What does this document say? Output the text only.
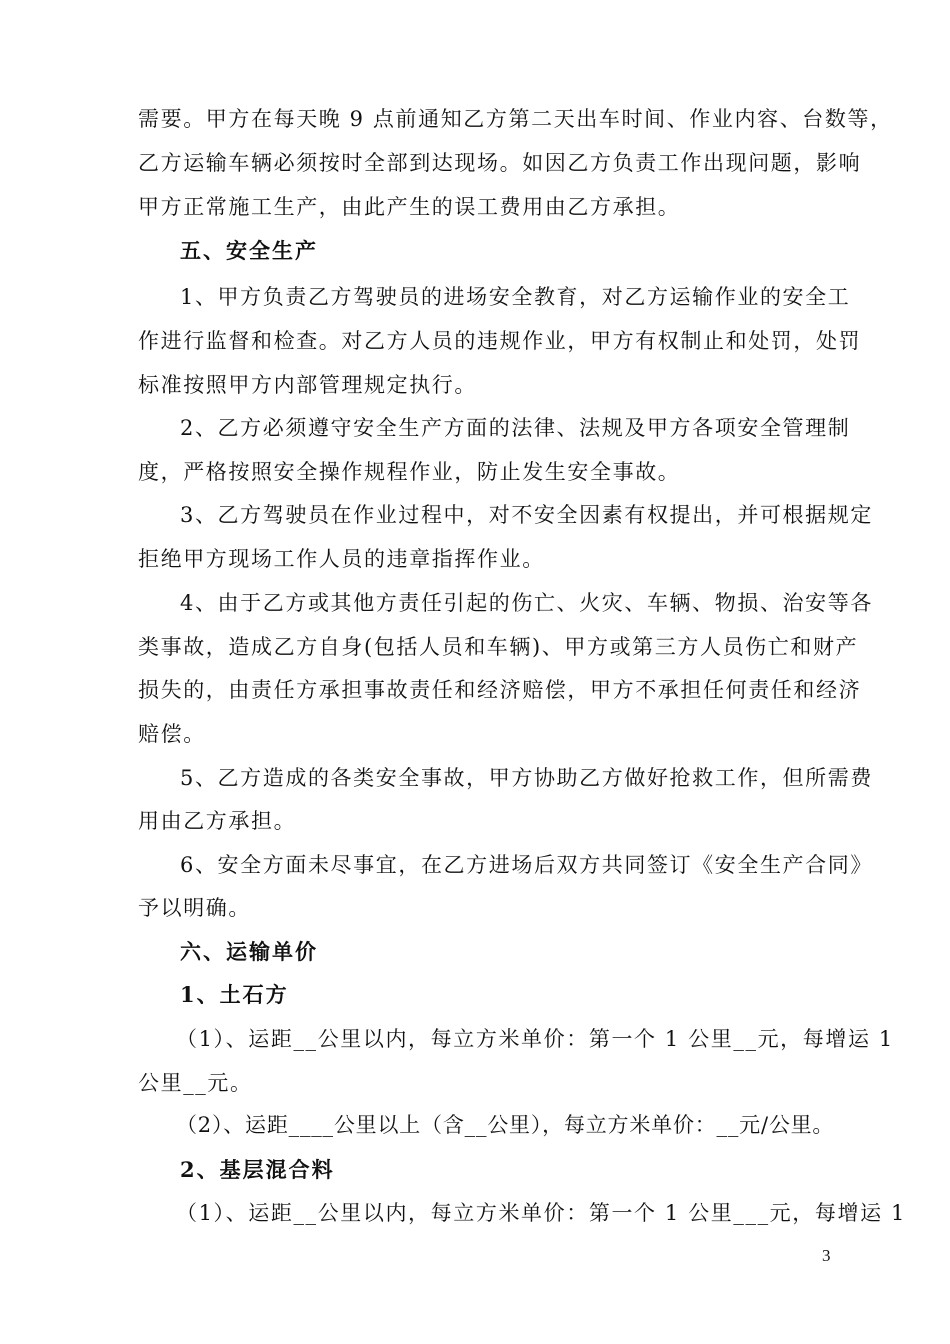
需要。甲方在每天晚 9 点前通知乙方第二天出车时间、作业内容、台数等，
乙方运输车辆必须按时全部到达现场。如因乙方负责工作出现问题，影响
甲方正常施工生产，由此产生的误工费用由乙方承担。
五、安全生产
1、甲方负责乙方驾驶员的进场安全教育，对乙方运输作业的安全工
作进行监督和检查。对乙方人员的违规作业，甲方有权制止和处罚，处罚
标准按照甲方内部管理规定执行。
2、乙方必须遵守安全生产方面的法律、法规及甲方各项安全管理制
度，严格按照安全操作规程作业，防止发生安全事故。
3、乙方驾驶员在作业过程中，对不安全因素有权提出，并可根据规定
拒绝甲方现场工作人员的违章指挥作业。
4、由于乙方或其他方责任引起的伤亡、火灾、车辆、物损、治安等各
类事故，造成乙方自身(包括人员和车辆)、甲方或第三方人员伤亡和财产
损失的，由责任方承担事故责任和经济赔偿，甲方不承担任何责任和经济
赔偿。
5、乙方造成的各类安全事故，甲方协助乙方做好抢救工作，但所需费
用由乙方承担。
6、安全方面未尽事宜，在乙方进场后双方共同签订《安全生产合同》
予以明确。
六、运输单价
1、土石方
（1）、运距__公里以内，每立方米单价：第一个 1 公里__元，每增运 1
公里__元。
（2）、运距____公里以上（含__公里），每立方米单价：__元/公里。
2、基层混合料
（1）、运距__公里以内，每立方米单价：第一个 1 公里___元，每增运 1
3
